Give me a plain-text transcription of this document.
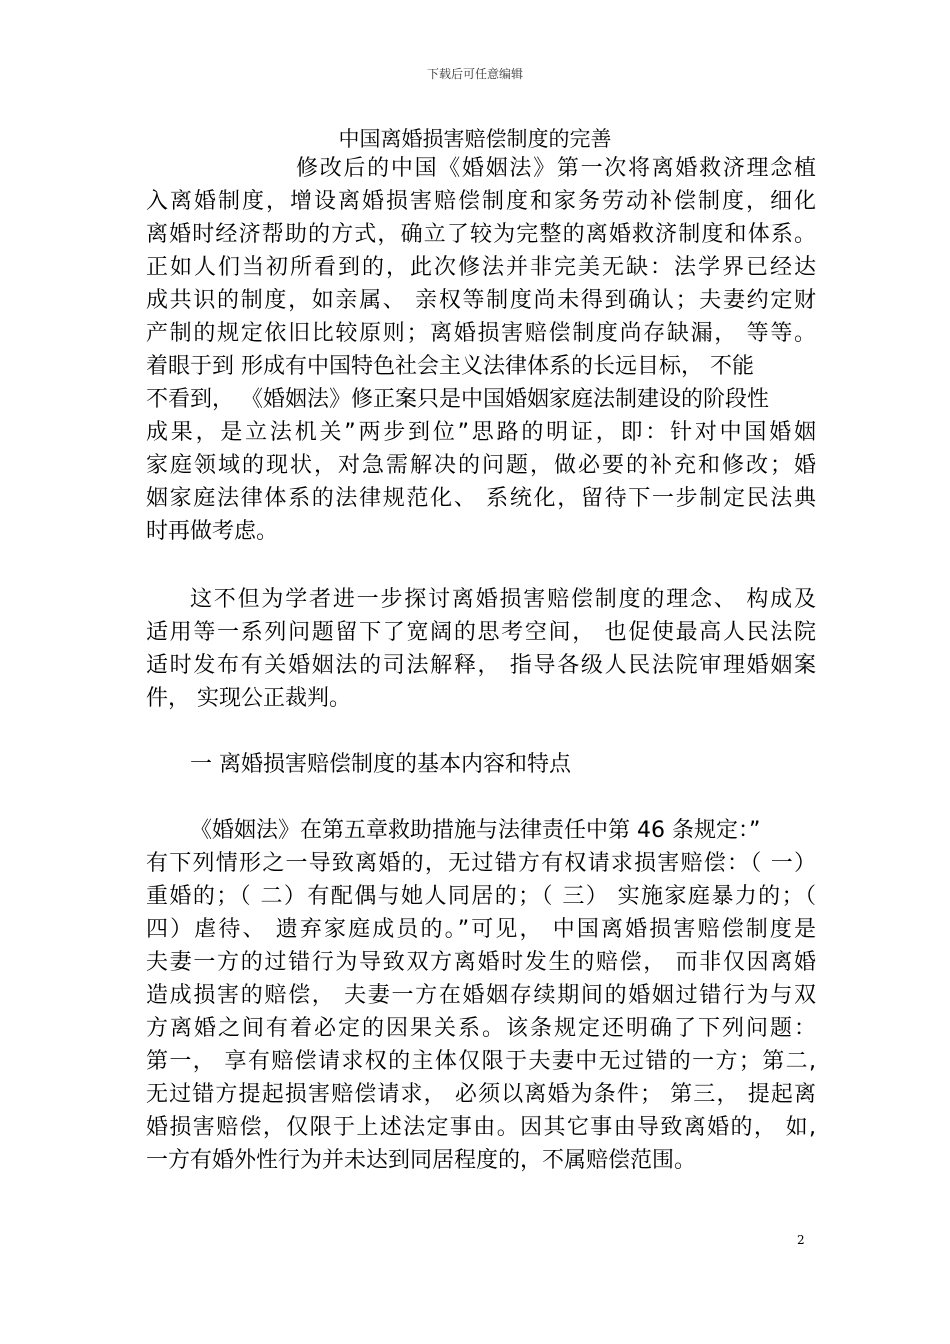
下载后可任意编辑
中国离婚损害赔偿制度的完善
修改后的中国《婚姻法》第一次将离婚救济理念植
入离婚制度，增设离婚损害赔偿制度和家务劳动补偿制度，细化
离婚时经济帮助的方式，确立了较为完整的离婚救济制度和体系。
正如人们当初所看到的，此次修法并非完美无缺：法学界已经达
成共识的制度，如亲属、 亲权等制度尚未得到确认；夫妻约定财
产制的规定依旧比较原则；离婚损害赔偿制度尚存缺漏， 等等。
着眼于到 形成有中国特色社会主义法律体系的长远目标， 不能
不看到， 《婚姻法》修正案只是中国婚姻家庭法制建设的阶段性
成果，是立法机关”两步到位”思路的明证，即：针对中国婚姻
家庭领域的现状，对急需解决的问题，做必要的补充和修改；婚
姻家庭法律体系的法律规范化、 系统化，留待下一步制定民法典
时再做考虑。
这不但为学者进一步探讨离婚损害赔偿制度的理念、 构成及
适用等一系列问题留下了宽阔的思考空间， 也促使最高人民法院
适时发布有关婚姻法的司法解释， 指导各级人民法院审理婚姻案
件， 实现公正裁判。
一 离婚损害赔偿制度的基本内容和特点
《婚姻法》在第五章救助措施与法律责任中第 46 条规定：”
有下列情形之一导致离婚的，无过错方有权请求损害赔偿：（ 一）
重婚的；（ 二）有配偶与她人同居的；（ 三） 实施家庭暴力的；（
四）虐待、 遗弃家庭成员的。”可见， 中国离婚损害赔偿制度是
夫妻一方的过错行为导致双方离婚时发生的赔偿， 而非仅因离婚
造成损害的赔偿， 夫妻一方在婚姻存续期间的婚姻过错行为与双
方离婚之间有着必定的因果关系。该条规定还明确了下列问题：
第一， 享有赔偿请求权的主体仅限于夫妻中无过错的一方；第二,
无过错方提起损害赔偿请求， 必须以离婚为条件； 第三， 提起离
婚损害赔偿，仅限于上述法定事由。因其它事由导致离婚的， 如,
一方有婚外性行为并未达到同居程度的，不属赔偿范围。
2
